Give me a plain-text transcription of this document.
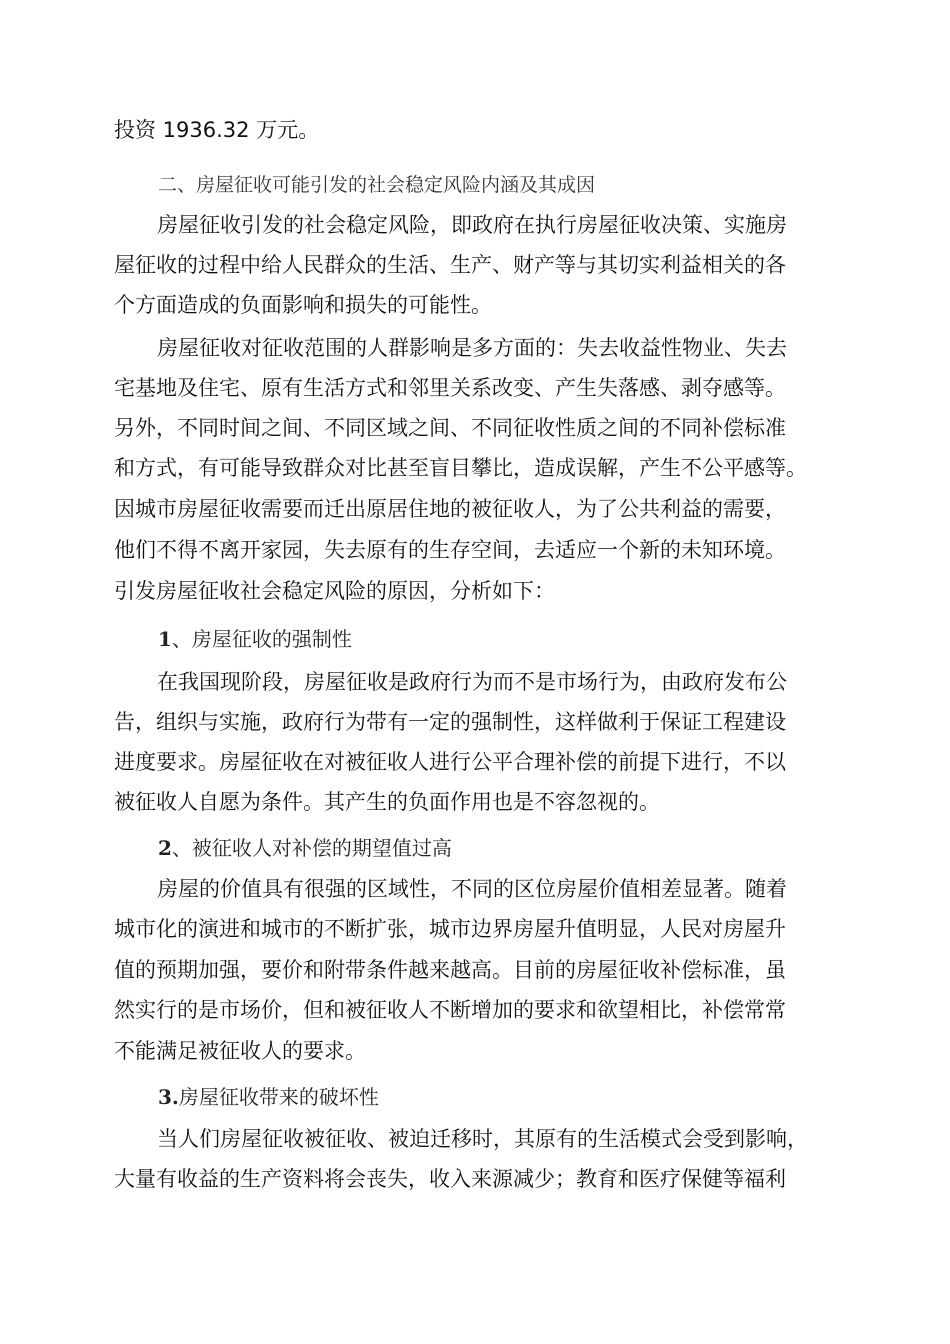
投资 1936.32 万元。
二、房屋征收可能引发的社会稳定风险内涵及其成因
房屋征收引发的社会稳定风险，即政府在执行房屋征收决策、实施房
屋征收的过程中给人民群众的生活、生产、财产等与其切实利益相关的各
个方面造成的负面影响和损失的可能性。
房屋征收对征收范围的人群影响是多方面的：失去收益性物业、失去
宅基地及住宅、原有生活方式和邻里关系改变、产生失落感、剥夺感等。
另外，不同时间之间、不同区域之间、不同征收性质之间的不同补偿标准
和方式，有可能导致群众对比甚至盲目攀比，造成误解，产生不公平感等。
因城市房屋征收需要而迁出原居住地的被征收人，为了公共利益的需要，
他们不得不离开家园，失去原有的生存空间，去适应一个新的未知环境。
引发房屋征收社会稳定风险的原因，分析如下：
1、房屋征收的强制性
在我国现阶段，房屋征收是政府行为而不是市场行为，由政府发布公
告，组织与实施，政府行为带有一定的强制性，这样做利于保证工程建设
进度要求。房屋征收在对被征收人进行公平合理补偿的前提下进行，不以
被征收人自愿为条件。其产生的负面作用也是不容忽视的。
2、被征收人对补偿的期望值过高
房屋的价值具有很强的区域性，不同的区位房屋价值相差显著。随着
城市化的演进和城市的不断扩张，城市边界房屋升值明显，人民对房屋升
值的预期加强，要价和附带条件越来越高。目前的房屋征收补偿标准，虽
然实行的是市场价，但和被征收人不断增加的要求和欲望相比，补偿常常
不能满足被征收人的要求。
3.房屋征收带来的破坏性
当人们房屋征收被征收、被迫迁移时，其原有的生活模式会受到影响，
大量有收益的生产资料将会丧失，收入来源减少；教育和医疗保健等福利
